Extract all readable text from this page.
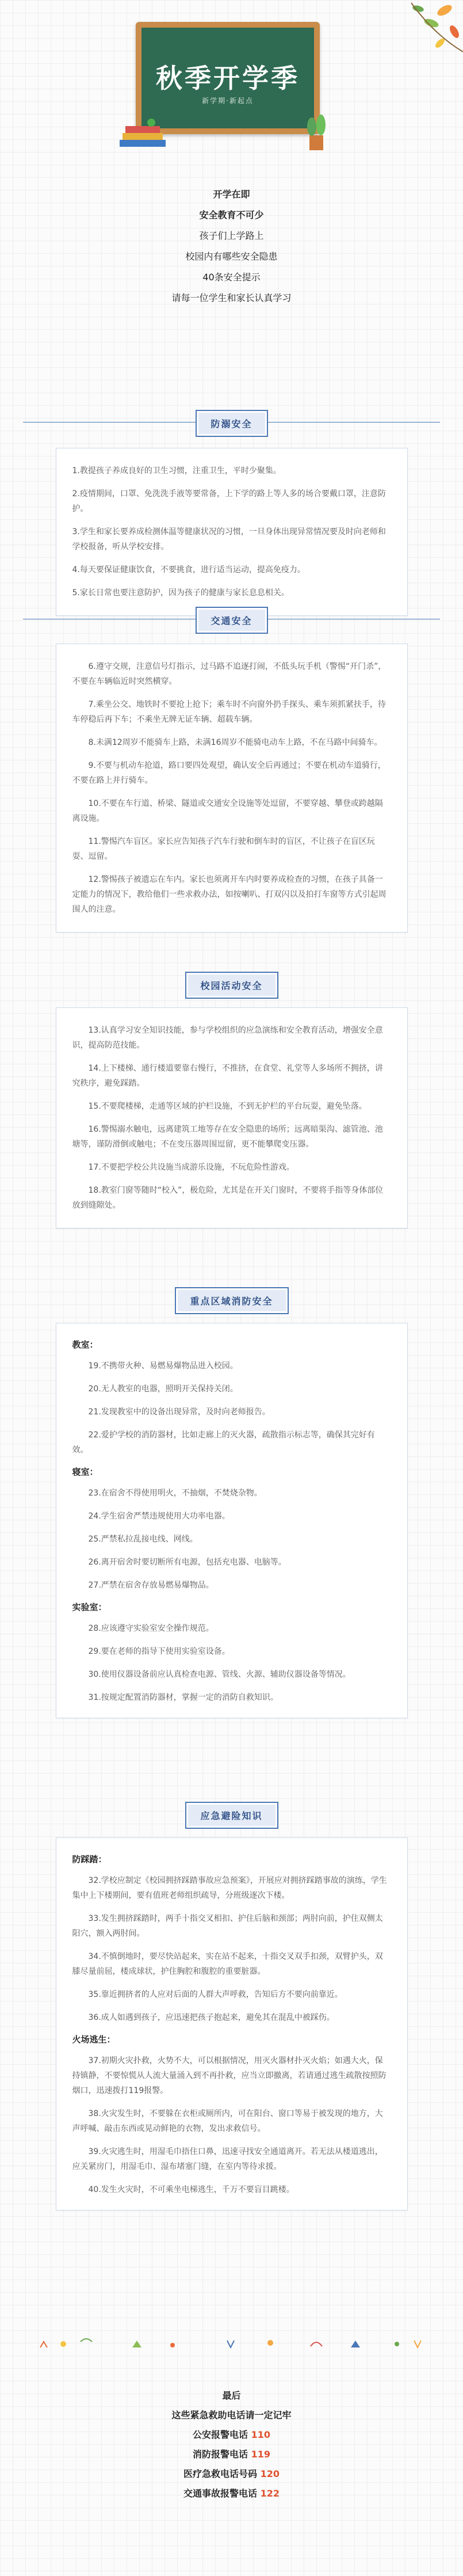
秋季开学季
新学期·新起点
开学在即
安全教育不可少
孩子们上学路上
校园内有哪些安全隐患
40条安全提示
请每一位学生和家长认真学习
防溺安全
1.教提孩子养成良好的卫生习惯，注重卫生，平时少聚集。
2.疫情期间，口罩、免洗洗手液等要常备，上下学的路上等人多的场合要戴口罩，注意防护。
3.学生和家长要养成检测体温等健康状况的习惯，一旦身体出现异常情况要及时向老师和学校报备，听从学校安排。
4.每天要保证健康饮食，不要挑食，进行适当运动，提高免疫力。
5.家长日常也要注意防护，因为孩子的健康与家长息息相关。
交通安全
6.遵守交规，注意信号灯指示，过马路不追逐打闹，不低头玩手机（警惕“开门杀”，不要在车辆临近时突然横穿。
7.乘坐公交、地铁时不要抢上抢下；乘车时不向窗外扔手探头、乘车须抓紧扶手，待车停稳后再下车；不乘坐无牌无证车辆、超载车辆。
8.未满12周岁不能骑车上路，未满16周岁不能骑电动车上路，不在马路中间骑车。
9.不要与机动车抢道，路口要四处观望，确认安全后再通过；不要在机动车道骑行，不要在路上并行骑车。
10.不要在车行道、桥梁、隧道或交通安全设施等处逗留，不要穿越、攀登或跨越隔离设施。
11.警惕汽车盲区。家长应告知孩子汽车行驶和倒车时的盲区，不让孩子在盲区玩耍、逗留。
12.警惕孩子被遗忘在车内。家长也须离开车内时要养成检查的习惯，在孩子具备一定能力的情况下，教给他们一些求救办法，如按喇叭、打双闪以及拍打车窗等方式引起周围人的注意。
校园活动安全
13.认真学习安全知识技能，参与学校组织的应急演练和安全教育活动，增强安全意识，提高防范技能。
14.上下楼梯、通行楼道要靠右慢行，不推挤，在食堂、礼堂等人多场所不拥挤，讲究秩序，避免踩踏。
15.不要爬楼梯，走通等区域的护栏设施，不到无护栏的平台玩耍，避免坠落。
16.警惕溺水触电，远离建筑工地等存在安全隐患的场所；远离暗渠沟、滤管池、池塘等，谨防滑倒或触电；不在变压器周围逗留，更不能攀爬变压器。
17.不要把学校公共设施当成游乐设施，不玩危险性游戏。
18.教室门窗等随时“校入”，极危险，尤其是在开关门窗时，不要将手指等身体部位放到缝隙处。
重点区域消防安全
教室：
19.不携带火种、易燃易爆物品进入校园。
20.无人教室的电器，照明开关保持关闭。
21.发现教室中的设备出现异常，及时向老师报告。
22.爱护学校的消防器材，比如走廊上的灭火器，疏散指示标志等，确保其完好有效。
寝室：
23.在宿舍不得使用明火，不抽烟，不焚烧杂物。
24.学生宿舍严禁违规使用大功率电器。
25.严禁私拉乱接电线、网线。
26.离开宿舍时要切断所有电源，包括充电器、电脑等。
27.严禁在宿舍存放易燃易爆物品。
实验室：
28.应该遵守实验室安全操作规范。
29.要在老师的指导下使用实验室设备。
30.使用仪器设备前应认真检查电源、管线、火源、辅助仪器设备等情况。
31.按规定配置消防器材，掌握一定的消防自救知识。
应急避险知识
防踩踏：
32.学校应制定《校园拥挤踩踏事故应急预案》，开展应对拥挤踩踏事故的演练，学生集中上下楼期间，要有值班老师组织疏导，分班级逐次下楼。
33.发生拥挤踩踏时，两手十指交叉相扣、护住后脑和颈部；两肘向前，护住双侧太阳穴，额入两肘间。
34.不慎倒地时，要尽快站起来，实在站不起来，十指交叉双手扣颈，双臂护头，双膝尽量前屈，楼成球状，护住胸腔和腹腔的重要脏器。
35.靠近拥挤者的人应对后面的人群大声呼救，告知后方不要向前靠近。
36.成人如遇到孩子，应迅速把孩子抱起来，避免其在混乱中被踩伤。
火场逃生：
37.初期火灾扑救，火势不大，可以根据情况，用灭火器材扑灭火焰；如遇大火，保持镇静，不要惊慌从人流大量涌入到不再扑救，应当立即撤离，若请通过逃生疏散按照防烟口，迅速拨打119报警。
38.火灾发生时，不要躲在衣柜或厕所内，可在阳台、窗口等易于被发现的地方，大声呼喊、敲击东西或晃动鲜艳的衣物，发出求救信号。
39.火灾逃生时，用湿毛巾捂住口鼻，迅速寻找安全通道离开。若无法从楼道逃出，应关紧房门，用湿毛巾、湿布堵塞门缝，在室内等待求援。
40.发生火灾时，不可乘坐电梯逃生，千万不要盲目跳楼。
最后
这些紧急救助电话请一定记牢
公安报警电话 110
消防报警电话 119
医疗急救电话号码 120
交通事故报警电话 122
